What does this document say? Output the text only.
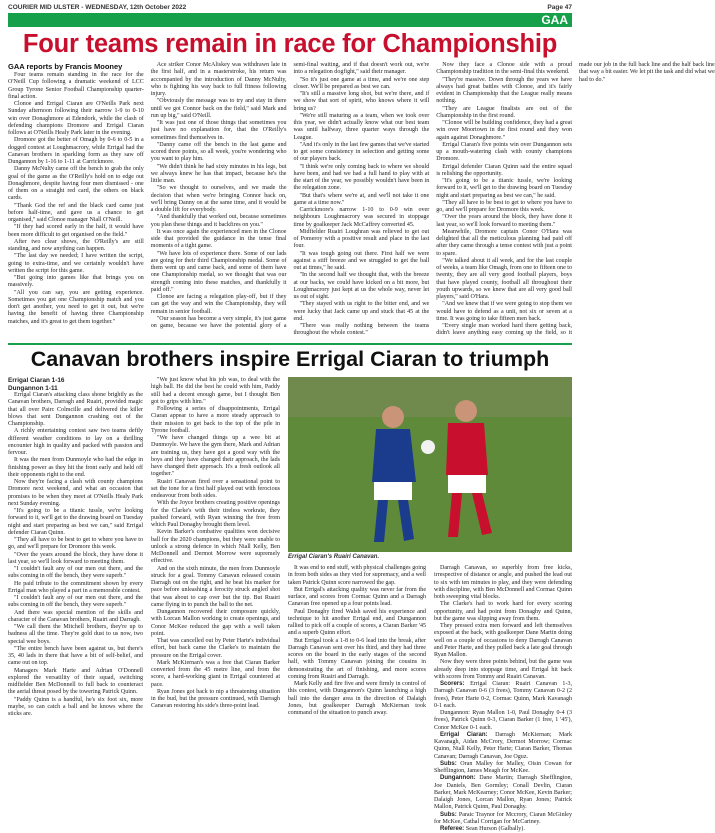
COURIER MID ULSTER - WEDNESDAY, 12th October 2022	Page 47
GAA
Four teams remain in race for Championship
GAA reports by Francis Mooney

Four teams remain standing in the race for the O'Neill Cup following a dramatic weekend of LCC Group Tyrone Senior Football Championship quarter-final action.

Clonoe and Errigal Ciaran are O'Neills Park next Sunday afternoon following their narrow 1-9 to 0-10 win over Donaghmore at Edendork, while the clash of defending champions Dromore and Errigal Ciaran follows at O'Neills Healy Park later in the evening.

Dromore got the better of Omagh by 0-6 to 0-5 in a dogged contest at Loughmacrory, while Errigal had the Canavan brothers in sparkling form as they saw off Dungannon by 1-16 to 1-11 at Carrickmore.

Danny McNulty came off the bench to grab the only goal of the game as the O'Reilly's hold on to edge out Donaghmore, despite having four men dismissed - one of them on a straight red card, the others on black cards.

"Thank God the ref and the black card came just before half-time, and gave us a chance to get organised," said Clonoe manager Niall O'Neill.

"If they had scored early in the half, it would have been more difficult to get organised on the field."

After two clear shows, the O'Reilly's are still standing, and now anything can happen.

"The last day we needed; I have written the script, going to extra-time, and we certainly wouldn't have written the script for this game.

"But going into games like that brings you on massively.

"All you can say, you are getting experience. Sometimes you get one Championship match and you don't get another, you need to get it out, but we're having the benefit of having three Championship matches, and it's great to get them together."

Ace striker Conor McAliskey was withdrawn late in the first half, and in a masterstroke, his return was accompanied by the introduction of Danny McNulty, who is fighting his way back to full fitness following injury.

"Obviously the message was to try and stay in there until we got Connor back on the field," said Mark and run up big," said O'Neill.

"It was just one of those things that sometimes you just have no explanation for, that the O'Reilly's sometimes find themselves in.

"Danny came off the bench in the last game and scored three points, so all week, you're wondering who you want to play him.

"We didn't think he had sixty minutes in his legs, but we always knew he has that impact, because he's the little man.

"So we thought to ourselves, and we made the decision that when we're bringing Connor back on, we'll bring Danny on at the same time, and it would be a double lift for everybody.

"And thankfully that worked out, because sometimes you plan these things and it backfires on you."

It was once again the experienced men in the Clonoe side that provided the guidance in the tense final moments of a tight game.

"We have lots of experience there. Some of our lads are going for their third Championship medal. Some of them went up and came back, and some of them have one Championship medal, so we thought that was our strength coming into these matches, and thankfully it paid off."

Clonoe are facing a relegation play-off, but if they can get the way and win the Championship, they will remain in senior football.

"Our season has become a very simple, it's just game on game, because we have the potential glory of a semi-final waiting, and if that doesn't work out, we're into a relegation dogfight," said their manager.

"So it's just one game at a time, and we're one step closer. We'll be prepared as best we can.

"It's still a massive long shot, but we're there, and if we show that sort of spirit, who knows where it will bring us?

"We're still maturing as a team, when we took over this year, we didn't actually know what our best team was until halfway, three quarter ways through the League.

"And it's only in the last few games that we've started to get some consistency in selection and getting some of our players back.

"I think we're only coming back to where we should have been, and had we had a full hand to play with at the start of the year, we possibly wouldn't have been in the relegation zone.

"But that's where we're at, and we'll not take it one game at a time now."

Carrickmore's narrow 1-10 to 0-9 win over neighbours Loughmacrory was secured in stoppage time by goalkeeper Jack McCaffrey converted 45.

Midfielder Ruairi Loughran was relieved to get out of Pomeroy with a positive result and place in the last four.

"It was tough going out there. First half we were against a stiff breeze and we struggled to get the ball out at times," he said.

"In the second half we thought that, with the breeze at our backs, we could have kicked on a bit more, but Loughmacrory just kept at us the whole way, never let us out of sight.

"They stayed with us right to the bitter end, and we were lucky that Jack came up and stuck that 45 at the end.

"There was really nothing between the teams throughout the whole contest."

Now they face a Clonoe side with a proud Championship tradition in the semi-final this weekend.

"They're massive. Down through the years we have always had great battles with Clonoe, and it's fairly evident in Championship that the League really means nothing.

"They are League finalists are out of the Championship in the first round.

"Clonoe will be building confidence, they had a great win over Moortown in the first round and they won again against Donaghmore."

Errigal Ciaran's five points win over Dungannon sets up a mouth-watering clash with county champions Dromore.

Errigal defender Ciaran Quinn said the entire squad is relishing the opportunity.

"It's going to be a titanic tussle, we're looking forward to it, we'll get to the drawing board on Tuesday night and start preparing as best we can," he said.

"They all have to be best to get to where you have to go, and we'll prepare for Dromore this week.

"Over the years around the block, they have done it last year, so we'll look forward to meeting them."

Meanwhile, Dromore captain Conor O'Hara was delighted that all the meticulous planning had paid off after they came through a tense contest with just a point to spare.

"We talked about it all week, and for the last couple of weeks, a team like Omagh, from one to fifteen one to twenty, they are all very good football players, boys that have played county, football all throughout their youth upwards, so we knew that are all very good ball players," said O'Hara.

"And we knew that if we were going to stop them we would have to defend as a unit, not six or seven at a time. It was going to take fifteen men back.

"Every single man worked hard there getting back, didn't leave anything easy coming up the field, so it made our job in the full back line and the half back line that way a bit easier. We let pit the task and did what we had to do."

Canavan brothers inspire Errigal Ciaran to triumph
Errigal Ciaran 1-16
Dungannon 1-11

Errigal Ciaran's attacking class shone brightly as the Canavan brothers, Darragh and Ruairi, provided magic that all over Pairc Colmcille and delivered the killer blows that sent Dungannon crashing out of the Championship.

A richly entertaining contest saw two teams deftly different weather conditions to lay on a thrilling encounter high in quality and packed with passion and fervour.

It was the men from Dunmoyle who had the edge in finishing power as they hit the front early and held off their opponents right to the end.

Now they're facing a clash with county champions Dromore next weekend, and what an occasion that promises to be when they meet at O'Neills Healy Park next Sunday evening.

"It's going to be a titanic tussle, we're looking forward to it, we'll get to the drawing board on Tuesday night and start preparing as best we can," said Errigal defender Ciaran Quinn.

"They all have to be best to get to where you have to go, and we'll prepare for Dromore this week.

"Over the years around the block, they have done it last year, so we'll look forward to meeting them.

"I couldn't fault any of our men out there, and the subs coming in off the bench, they were superb."

He paid tribute to the commitment shown by every Errigal man who played a part in a memorable contest.

"I couldn't fault any of our men out there, and the subs coming in off the bench, they were superb."

And there was special mention of the skills and character of the Canavan brothers, Ruairi and Darragh.

"We call them the Mitchell brothers, they're up to badness all the time. They're gold dust to us now, two special wee boys.

"The entire bench have been against us, but there's 35, 40 lads in there that have a bit of self-belief, and came out on top.

Managers Mark Harte and Adrian O'Donnell explored the versatility of their squad, switching midfielder Ben McDonnell to full back to counteract the aerial threat posed by the towering Patrick Quinn.

"Paddy Quinn is a handful, he's six foot six, more maybe, so can catch a ball and he knows where the sticks are.

"We just know what his job was, to deal with the high ball. He did the best he could with him, Paddy still had a decent enough game, but I thought Ben got to grips with him."

Following a series of disappointments, Errigal Ciaran appear to have a more steady approach to their mission to get back to the top of the pile in Tyrone football.

"We have changed things up a wee bit at Dunmoyle. We have the gym there, Mark and Adrian are training us, they have got a good way with the boys and they have changed their approach, the lads have changed their approach. It's a fresh outlook all together."

Ruairi Canavan fired over a sensational point to set the tone for a first half played out with ferocious endeavour from both sides.

With the Joyce brothers creating positive openings for the Clarke's with their tireless workrate, they pushed forward, with Ryan winning the free from which Paul Donaghy brought them level.

Kevin Barker's combative qualities won decisive ball for the 2020 champions, but they were unable to unlock a strong defence in which Niall Kelly, Ben McDonnell and Dermot Morrow were supremely effective.

And on the sixth minute, the men from Dunmoyle struck for a goal. Tommy Canavan released cousin Darragh out on the right, and he beat his marker for pace before unleashing a ferocity struck angled shot that was about to cap over but the tip. But Ruairi came flying in to punch the ball to the net.

Dungannon recovered their composure quickly, with Lorcan Mallon working to create openings, and Conor McKee reduced the gap with a well taken point.

That was cancelled out by Peter Harte's individual effort, but back came the Clarke's to maintain the pressure on the Errigal cover.

Mark McKiernan's was a free that Ciaran Barker converted from the 45 metre line, and from the score, a hard-working giant in Errigal countered at pace.

Ryan Jones got back to nip a threatening situation in the bud, but the pressure continued, with Darragh Canavan restoring his side's three-point lead.

Errigal Ciaran's Ruairi Canavan.

It was end to end stuff, with physical challenges going in from both sides as they vied for supremacy, and a well taken Patrick Quinn score narrowed the gap.

But Errigal's attacking quality was never far from the surface, and scores from Cormac Quinn and a Darragh Canavan free opened up a four points lead.

Paul Donaghy fired Walsh saved his experience and technique to hit another Errigal end, and Dungannon rallied to pick off a couple of scores, a Ciaran Barker '45 and a superb Quinn effort.

But Errigal took a 1-8 to 0-6 lead into the break, after Darragh Canavan sent over his third, and they had three scores on the board in the early stages of the second half, with Tommy Canavan joining the cousins in demonstrating the art of finishing, and more scores coming from Ruairi and Darragh.

Mark Kelly and fire five and were firmly in control of this contest, with Dungannon's Quinn launching a high ball into the danger area in the direction of Dalaigh Jones, but goalkeeper Darragh McKiernan took command of the situation to punch away.

Darragh Canavan, so superbly from free kicks, irrespective of distance or angle, and pushed the lead out to six with ten minutes to play, and they were defending with discipline, with Ben McDonnell and Cormac Quinn both sweeping vital blocks.

The Clarke's had to work hard for every scoring opportunity, and had point from Donaghy and Quinn, but the game was slipping away from them.

They pressed extra men forward and left themselves exposed at the back, with goalkeeper Dane Martin doing well on a couple of occasions to deny Darragh Canavan and Peter Harte, and they pulled back a late goal through Ryan Mallon.

Now they were three points behind, but the game was already deep into stoppage time, and Errigal hit back with scores from Tommy and Ruairi Canavan.

Scorers: Errigal Ciaran: Ruairi Canavan 1-3, Darragh Canavan 0-6 (3 frees), Tommy Canavan 0-2 (2 frees), Peter Harte 0-2, Cormac Quinn, Mark Kavanagh 0-1 each.

Dungannon: Ryan Mallon 1-0, Paul Donaghy 0-4 (3 frees), Patrick Quinn 0-3, Ciaran Barker (1 free, 1 '45'), Conor McKee 0-1 each.

Errigal Ciaran: Darragh McKiernan; Mark Kavanagh, Aidan McCrory, Dermot Morrow; Cormac Quinn, Niall Kelly, Peter Harte; Ciaran Barker, Thomas Canavan; Darragh Canavan, Joe Oguz.

Subs: Oran Malley for Malley, Oisin Cowan for Shefflington, James Meagh for McKee.

Dungannon: Dane Martin; Darragh Shefflington, Joe Daniels, Ben Gormley; Conall Devlin, Ciaran Barker, Mark McKearney; Conor McKee, Kevin Barker; Dalaigh Jones, Lorcan Mallon, Ryan Jones; Patrick Mallon, Patrick Quinn, Paul Donaghy.

Subs: Paraic Traynor for Mccrory, Ciaran McGinley for McKee, Cathal Corrigan for McCartney.

Referee: Sean Hurson (Galbally).
